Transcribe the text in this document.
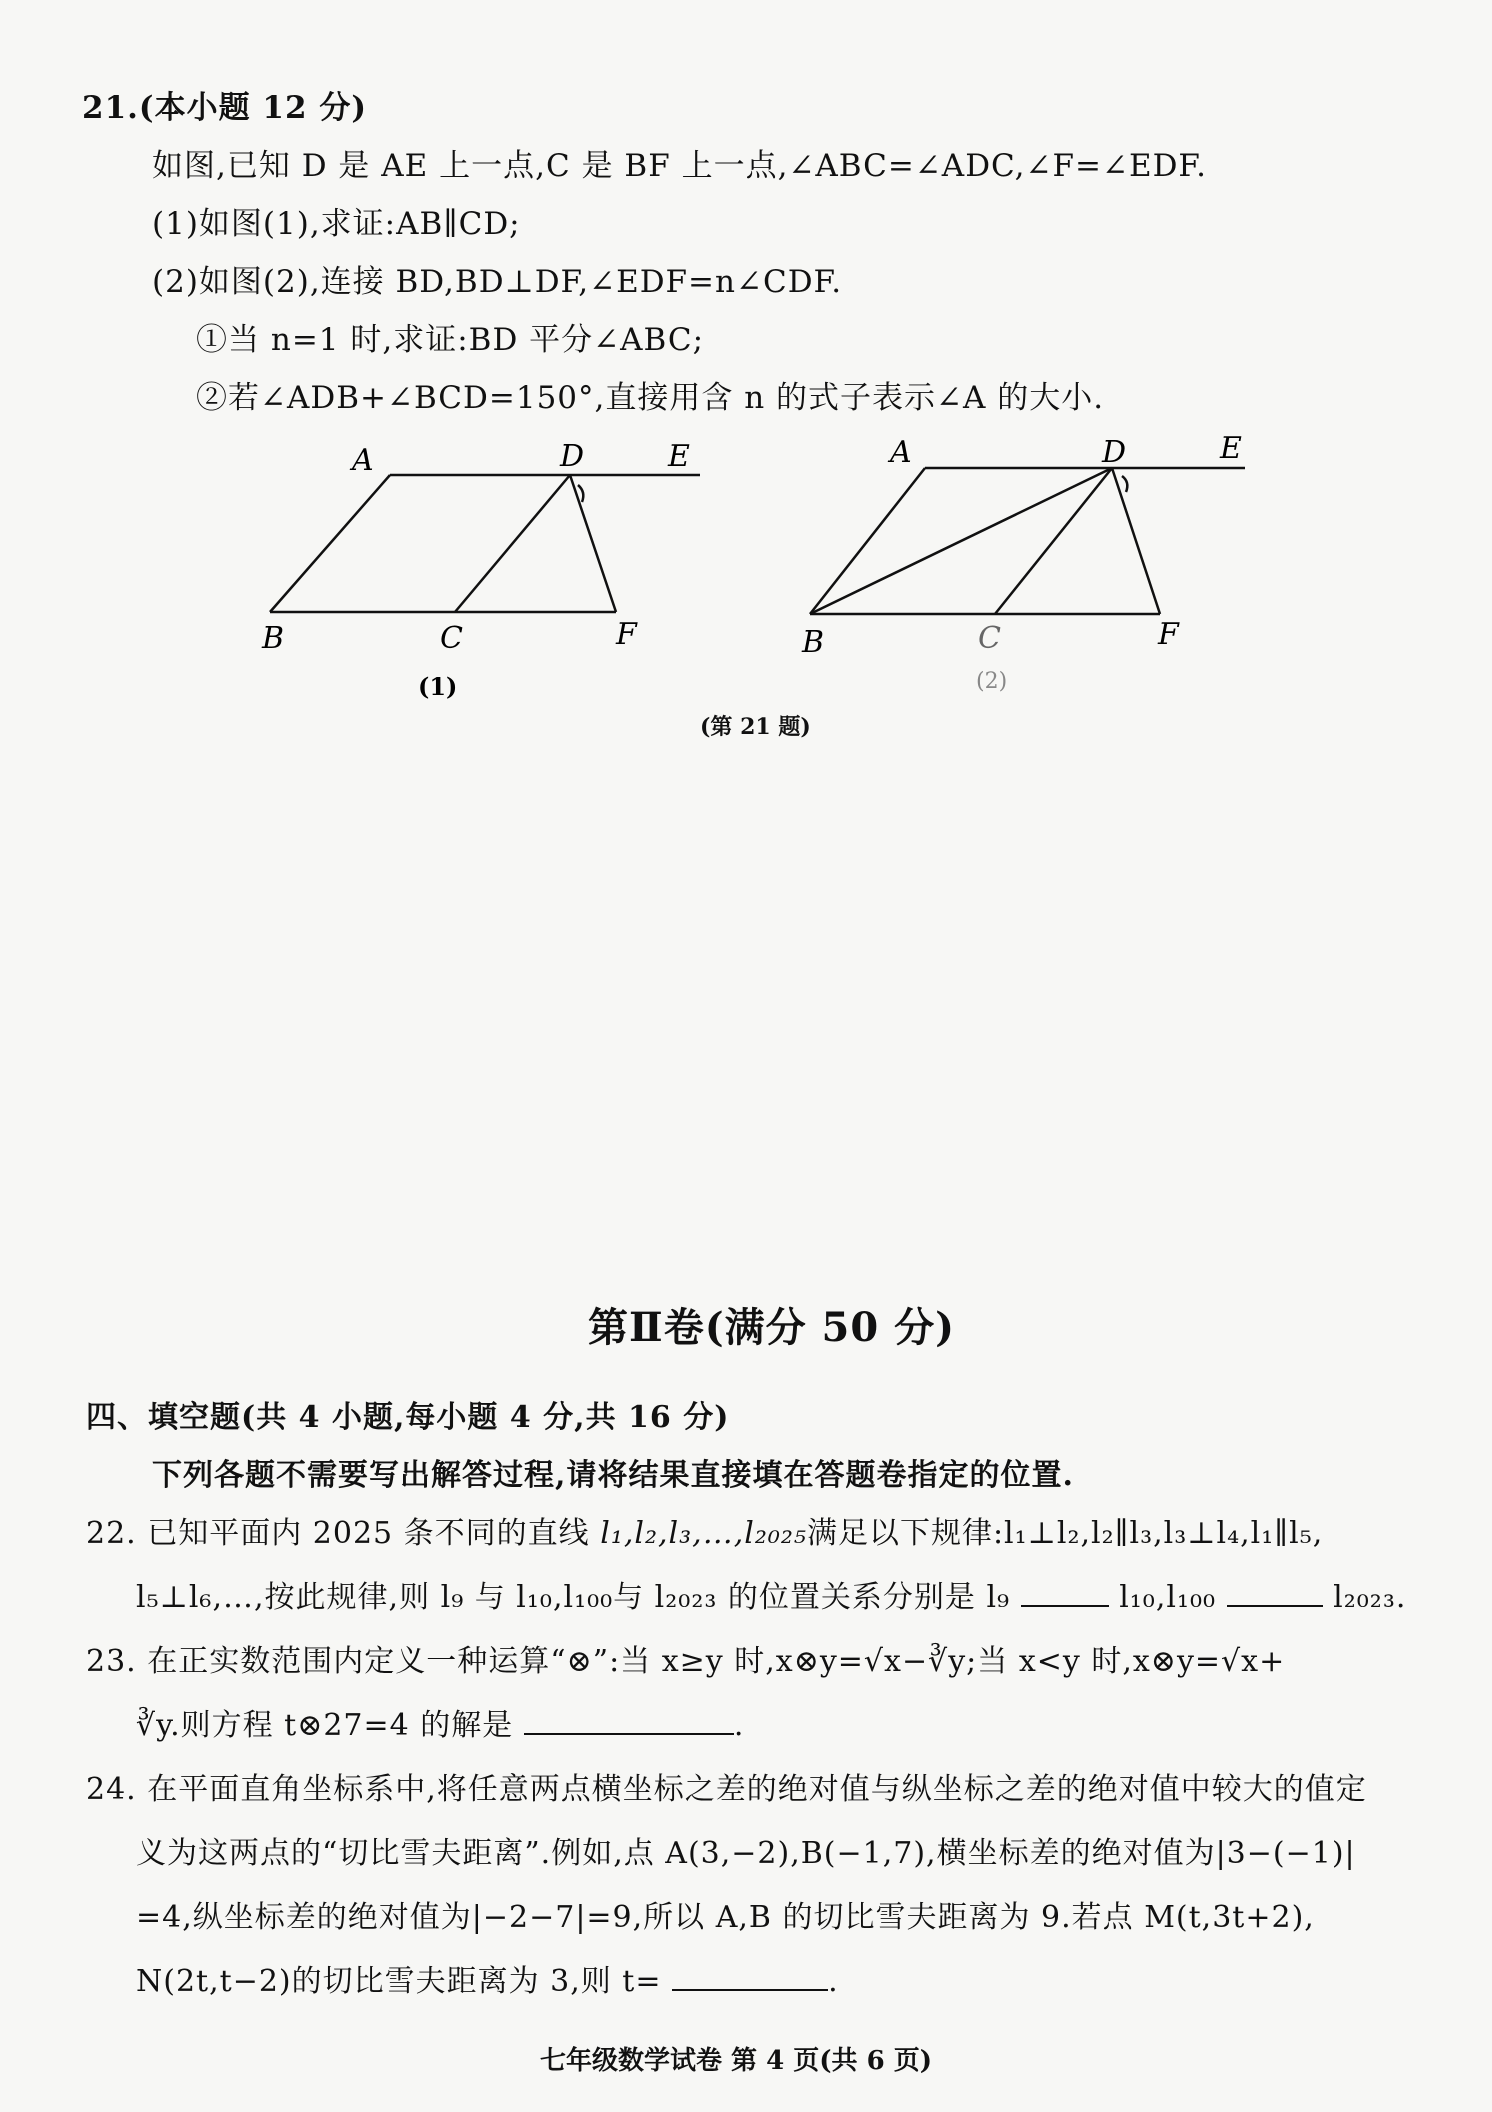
21.(本小题 12 分)
如图,已知 D 是 AE 上一点,C 是 BF 上一点,∠ABC=∠ADC,∠F=∠EDF.
(1)如图(1),求证:AB∥CD;
(2)如图(2),连接 BD,BD⊥DF,∠EDF=n∠CDF.
①当 n=1 时,求证:BD 平分∠ABC;
②若∠ADB+∠BCD=150°,直接用含 n 的式子表示∠A 的大小.
A	D	E
B	C	F
(1)
A	D	E
B	C	F
(2)
(第 21 题)
第Ⅱ卷(满分 50 分)
四、填空题(共 4 小题,每小题 4 分,共 16 分)
下列各题不需要写出解答过程,请将结果直接填在答题卷指定的位置.
22. 已知平面内 2025 条不同的直线 l₁,l₂,l₃,…,l₂₀₂₅满足以下规律:l₁⊥l₂,l₂∥l₃,l₃⊥l₄,l₁∥l₅,
l₅⊥l₆,…,按此规律,则 l₉ 与 l₁₀,l₁₀₀与 l₂₀₂₃ 的位置关系分别是 l₉	l₁₀,l₁₀₀	l₂₀₂₃.
23. 在正实数范围内定义一种运算“⊗”:当 x≥y 时,x⊗y=√x−∛y;当 x<y 时,x⊗y=√x+
∛y.则方程 t⊗27=4 的解是	.
24. 在平面直角坐标系中,将任意两点横坐标之差的绝对值与纵坐标之差的绝对值中较大的值定
义为这两点的“切比雪夫距离”.例如,点 A(3,−2),B(−1,7),横坐标差的绝对值为|3−(−1)|
=4,纵坐标差的绝对值为|−2−7|=9,所以 A,B 的切比雪夫距离为 9.若点 M(t,3t+2),
N(2t,t−2)的切比雪夫距离为 3,则 t=	.
七年级数学试卷 第 4 页(共 6 页)
